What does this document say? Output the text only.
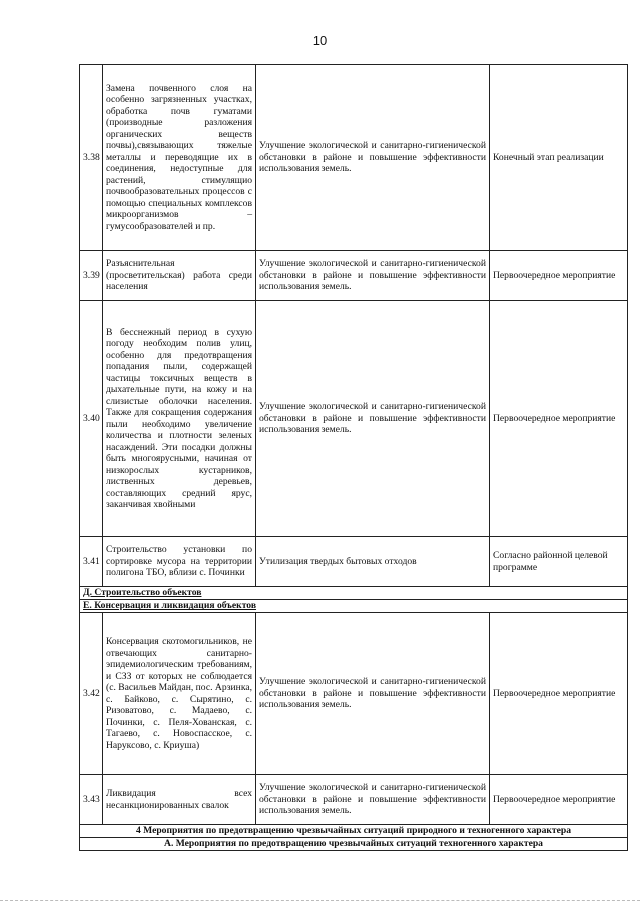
10
3.38	Замена почвенного слоя на особенно загрязненных участках, обработка почв гуматами (производные разложения органических веществ почвы),связывающих тяжелые металлы и переводящие их в соединения, недоступные для растений, стимулящио почвообразовательных процессов с помощью специальных комплексов микроорганизмов – гумусообразователей и пр.	Улучшение экологической и санитарно-гигиенической обстановки в районе и повышение эффективности использования земель.	Конечный этап реализации
3.39	Разъяснительная (просветительская) работа среди населения	Улучшение экологической и санитарно-гигиенической обстановки в районе и повышение эффективности использования земель.	Первоочередное мероприятие
3.40	В бесснежный период в сухую погоду необходим полив улиц, особенно для предотвращения попадания пыли, содержащей частицы токсичных веществ в дыхательные пути, на кожу и на слизистые оболочки населения. Также для сокращения содержания пыли необходимо увеличение количества и плотности зеленых насаждений. Эти посадки должны быть многоярусными, начиная от низкорослых кустарников, лиственных деревьев, составляющих средний ярус, заканчивая хвойными	Улучшение экологической и санитарно-гигиенической обстановки в районе и повышение эффективности использования земель.	Первоочередное мероприятие
3.41	Строительство установки по сортировке мусора на территории полигона ТБО, вблизи с. Починки	Утилизация твердых бытовых отходов	Согласно районной целевой программе
Д. Строительство объектов			
Е. Консервация и ликвидация объектов			
3.42	Консервация скотомогильников, не отвечающих санитарно-эпидемиологическим требованиям, и СЗЗ от которых не соблюдается (с. Васильев Майдан, пос. Арзинка, с. Байково, с. Сырятино, с. Ризоватово, с. Мадаево, с. Починки, с. Пеля-Хованская, с. Тагаево, с. Новоспасское, с. Наруксово, с. Криуша)	Улучшение экологической и санитарно-гигиенической обстановки в районе и повышение эффективности использования земель.	Первоочередное мероприятие
3.43	Ликвидация всех несанкционированных свалок	Улучшение экологической и санитарно-гигиенической обстановки в районе и повышение эффективности использования земель.	Первоочередное мероприятие
4 Мероприятия по предотвращению чрезвычайных ситуаций природного и техногенного характера			
А. Мероприятия по предотвращению чрезвычайных ситуаций техногенного характера			
